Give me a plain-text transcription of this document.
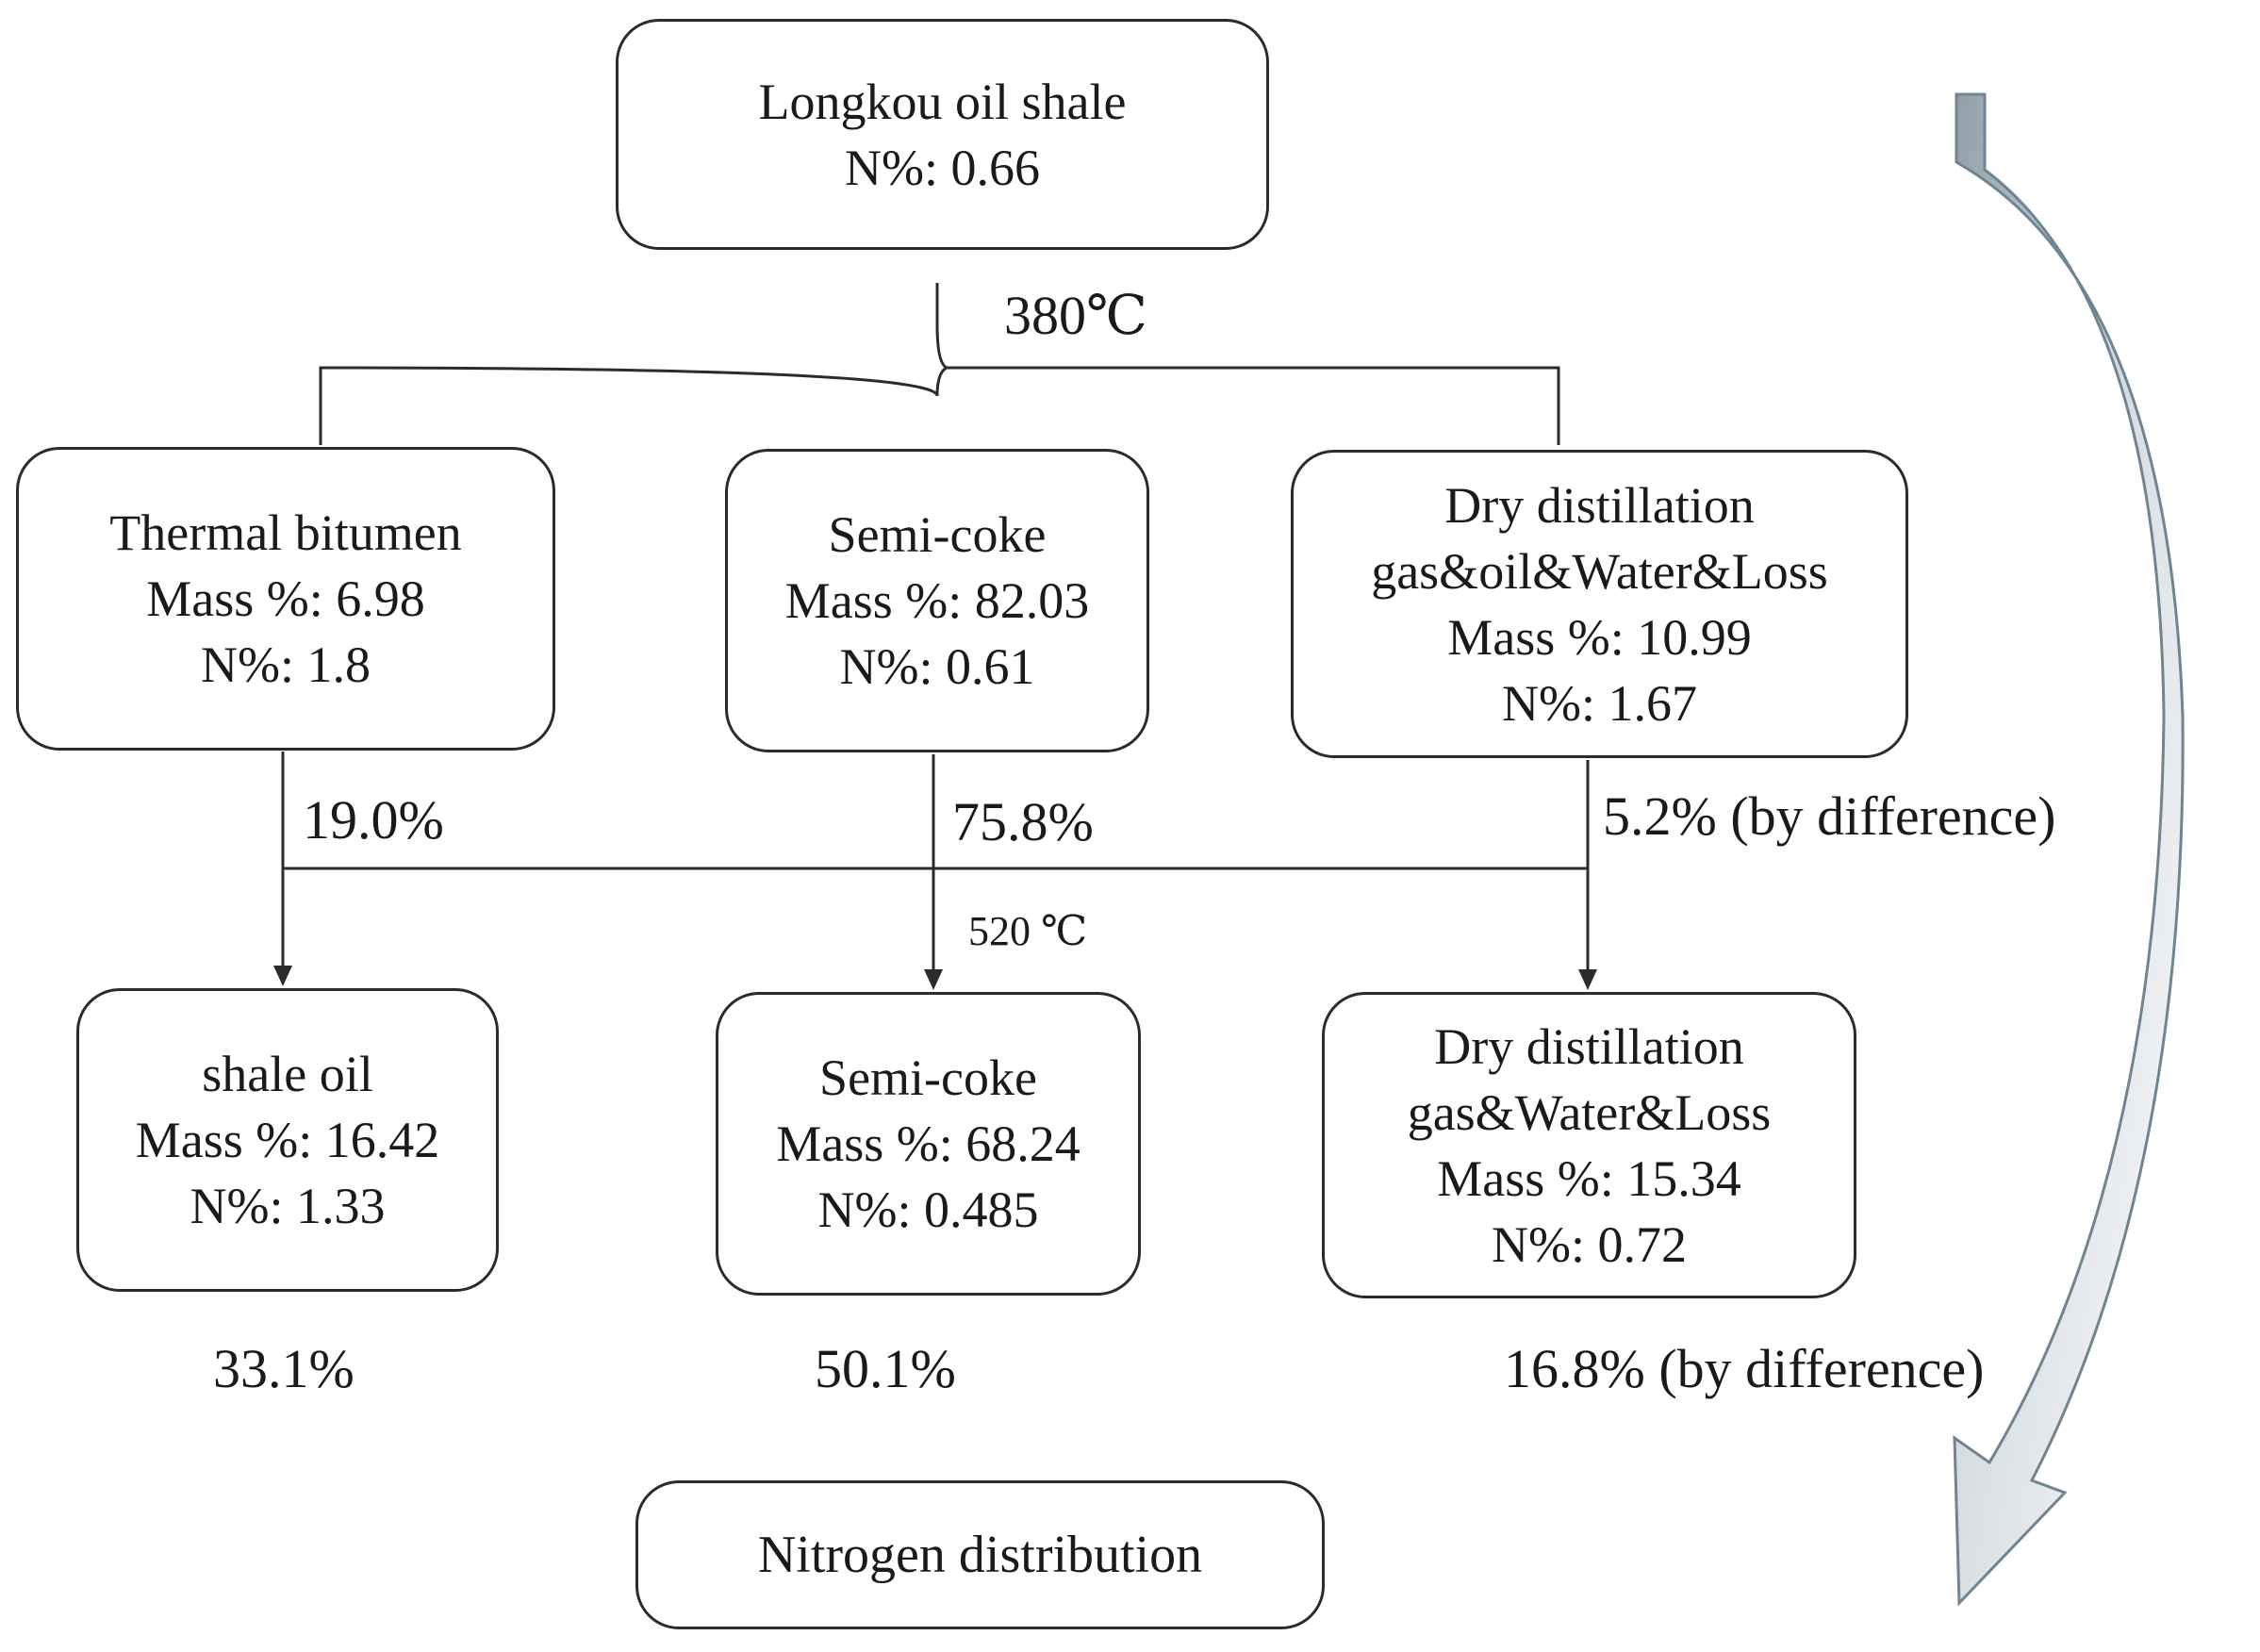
Longkou oil shale
N%: 0.66
380℃
Thermal bitumen
Mass %: 6.98
N%: 1.8
Semi-coke
Mass %: 82.03
N%: 0.61
Dry distillation
gas&oil&Water&Loss
Mass %: 10.99
N%: 1.67
19.0%	75.8%	5.2% (by difference)
520 ℃
shale oil
Mass %: 16.42
N%: 1.33
Semi-coke
Mass %: 68.24
N%: 0.485
Dry distillation
gas&Water&Loss
Mass %: 15.34
N%: 0.72
33.1%	50.1%	16.8% (by difference)
Nitrogen distribution
